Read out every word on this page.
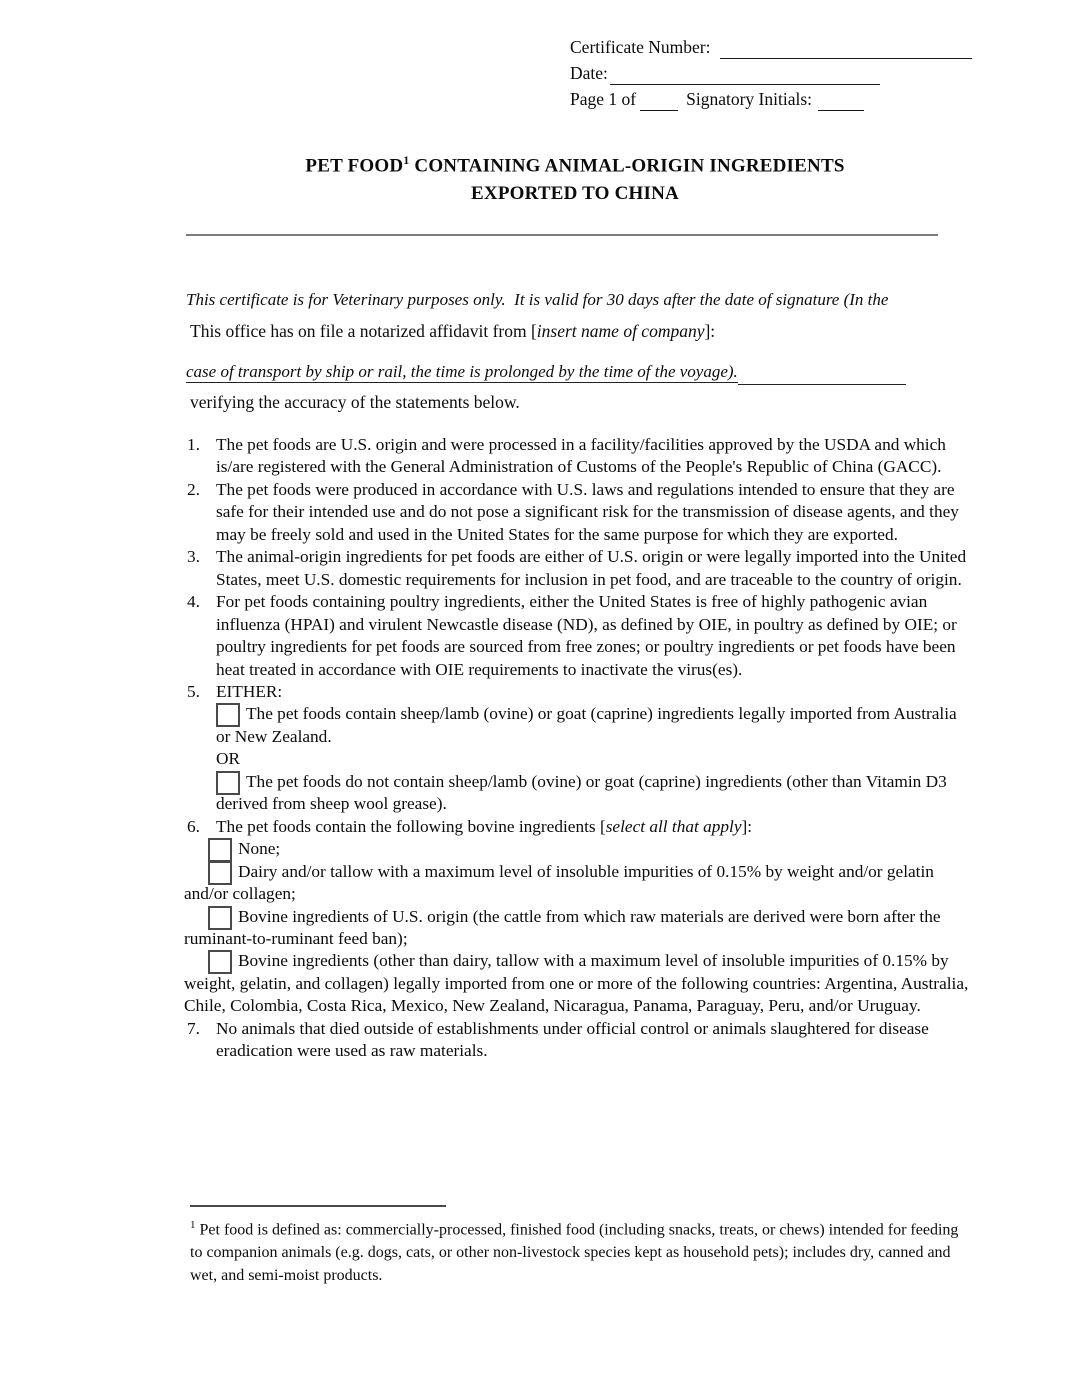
Certificate Number:
Date:
Page 1 of	Signatory Initials:
PET FOOD$^1$ CONTAINING ANIMAL-ORIGIN INGREDIENTS
EXPORTED TO CHINA

This certificate is for Veterinary purposes only.  It is valid for 30 days after the date of signature (In the

case of transport by ship or rail, the time is prolonged by the time of the voyage).

This office has on file a notarized affidavit from [insert name of company]:
verifying the accuracy of the statements below.
1. The pet foods are U.S. origin and were processed in a facility/facilities approved by the USDA and which is/are registered with the General Administration of Customs of the People's Republic of China (GACC).
2. The pet foods were produced in accordance with U.S. laws and regulations intended to ensure that they are safe for their intended use and do not pose a significant risk for the transmission of disease agents, and they may be freely sold and used in the United States for the same purpose for which they are exported.
3. The animal-origin ingredients for pet foods are either of U.S. origin or were legally imported into the United States, meet U.S. domestic requirements for inclusion in pet food, and are traceable to the country of origin.
4. For pet foods containing poultry ingredients, either the United States is free of highly pathogenic avian influenza (HPAI) and virulent Newcastle disease (ND), as defined by OIE, in poultry as defined by OIE; or poultry ingredients for pet foods are sourced from free zones; or poultry ingredients or pet foods have been heat treated in accordance with OIE requirements to inactivate the virus(es).
5. EITHER:
The pet foods contain sheep/lamb (ovine) or goat (caprine) ingredients legally imported from Australia or New Zealand.
OR
The pet foods do not contain sheep/lamb (ovine) or goat (caprine) ingredients (other than Vitamin D3 derived from sheep wool grease).
6. The pet foods contain the following bovine ingredients [select all that apply]:
None;
Dairy and/or tallow with a maximum level of insoluble impurities of 0.15% by weight and/or gelatin and/or collagen;
Bovine ingredients of U.S. origin (the cattle from which raw materials are derived were born after the ruminant-to-ruminant feed ban);
Bovine ingredients (other than dairy, tallow with a maximum level of insoluble impurities of 0.15% by weight, gelatin, and collagen) legally imported from one or more of the following countries: Argentina, Australia, Chile, Colombia, Costa Rica, Mexico, New Zealand, Nicaragua, Panama, Paraguay, Peru, and/or Uruguay.
7. No animals that died outside of establishments under official control or animals slaughtered for disease eradication were used as raw materials.
$^1$ Pet food is defined as: commercially-processed, finished food (including snacks, treats, or chews) intended for feeding to companion animals (e.g. dogs, cats, or other non-livestock species kept as household pets); includes dry, canned and wet, and semi-moist products.
